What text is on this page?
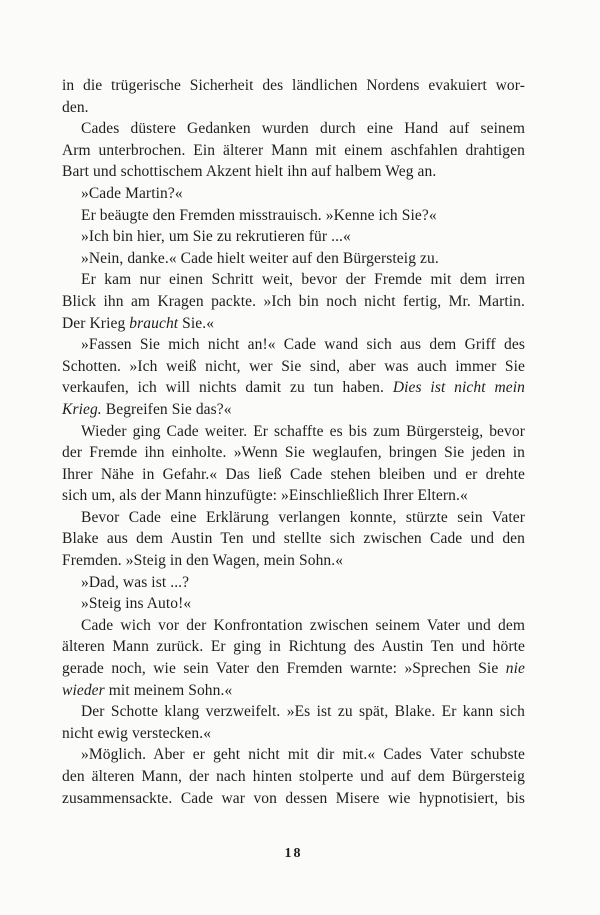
in die trügerische Sicherheit des ländlichen Nordens evakuiert wor-
den.
Cades düstere Gedanken wurden durch eine Hand auf seinem
Arm unterbrochen. Ein älterer Mann mit einem aschfahlen drahtigen
Bart und schottischem Akzent hielt ihn auf halbem Weg an.
»Cade Martin?«
Er beäugte den Fremden misstrauisch. »Kenne ich Sie?«
»Ich bin hier, um Sie zu rekrutieren für ...«
»Nein, danke.« Cade hielt weiter auf den Bürgersteig zu.
Er kam nur einen Schritt weit, bevor der Fremde mit dem irren
Blick ihn am Kragen packte. »Ich bin noch nicht fertig, Mr. Martin.
Der Krieg braucht Sie.«
»Fassen Sie mich nicht an!« Cade wand sich aus dem Griff des
Schotten. »Ich weiß nicht, wer Sie sind, aber was auch immer Sie
verkaufen, ich will nichts damit zu tun haben. Dies ist nicht mein
Krieg. Begreifen Sie das?«
Wieder ging Cade weiter. Er schaffte es bis zum Bürgersteig, bevor
der Fremde ihn einholte. »Wenn Sie weglaufen, bringen Sie jeden in
Ihrer Nähe in Gefahr.« Das ließ Cade stehen bleiben und er drehte
sich um, als der Mann hinzufügte: »Einschließlich Ihrer Eltern.«
Bevor Cade eine Erklärung verlangen konnte, stürzte sein Vater
Blake aus dem Austin Ten und stellte sich zwischen Cade und den
Fremden. »Steig in den Wagen, mein Sohn.«
»Dad, was ist ...?
»Steig ins Auto!«
Cade wich vor der Konfrontation zwischen seinem Vater und dem
älteren Mann zurück. Er ging in Richtung des Austin Ten und hörte
gerade noch, wie sein Vater den Fremden warnte: »Sprechen Sie nie
wieder mit meinem Sohn.«
Der Schotte klang verzweifelt. »Es ist zu spät, Blake. Er kann sich
nicht ewig verstecken.«
»Möglich. Aber er geht nicht mit dir mit.« Cades Vater schubste
den älteren Mann, der nach hinten stolperte und auf dem Bürgersteig
zusammensackte. Cade war von dessen Misere wie hypnotisiert, bis
18
